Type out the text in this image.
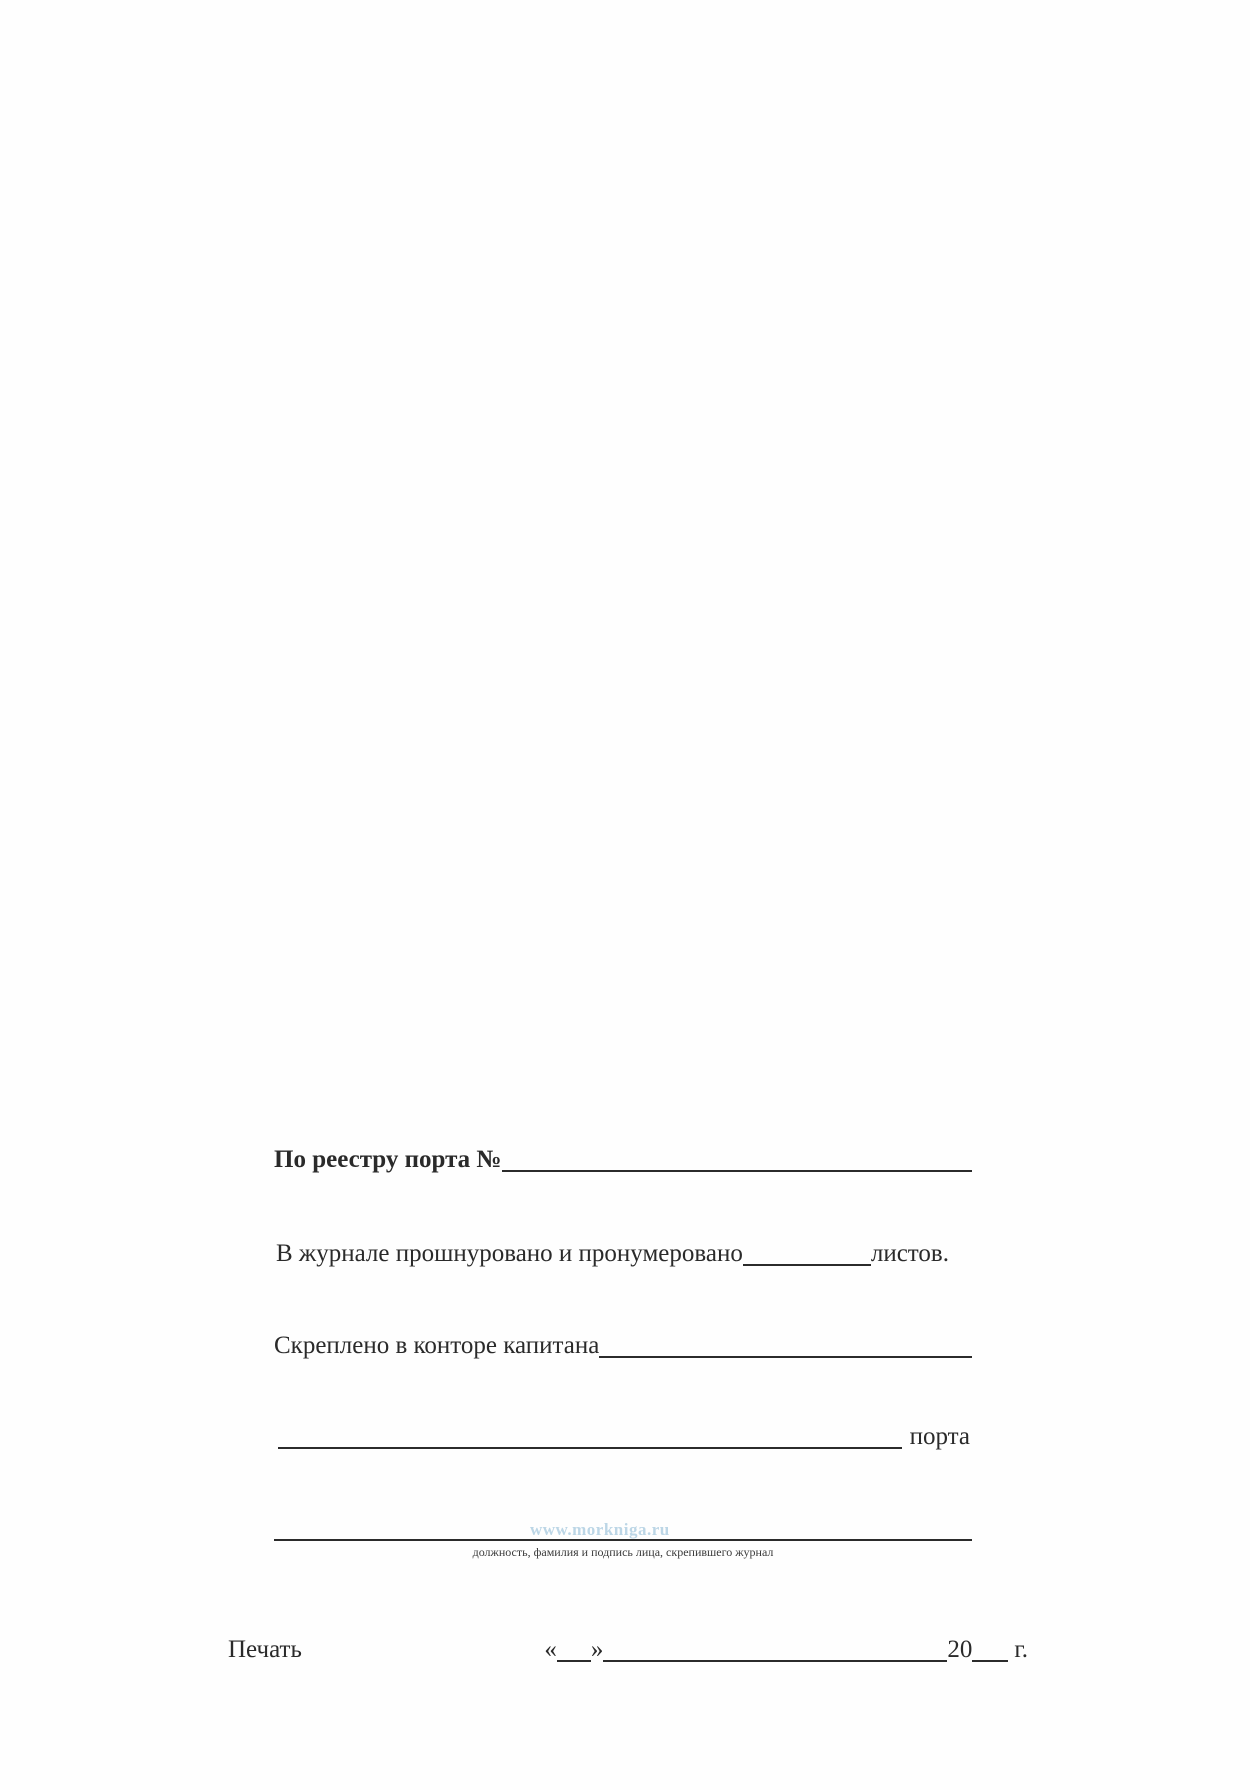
По реестру порта №
В журнале прошнуровано и пронумеровано	листов.
Скреплено в конторе капитана
порта
www.morkniga.ru
должность, фамилия и подпись лица, скрепившего журнал
Печать	« »	20 г.
